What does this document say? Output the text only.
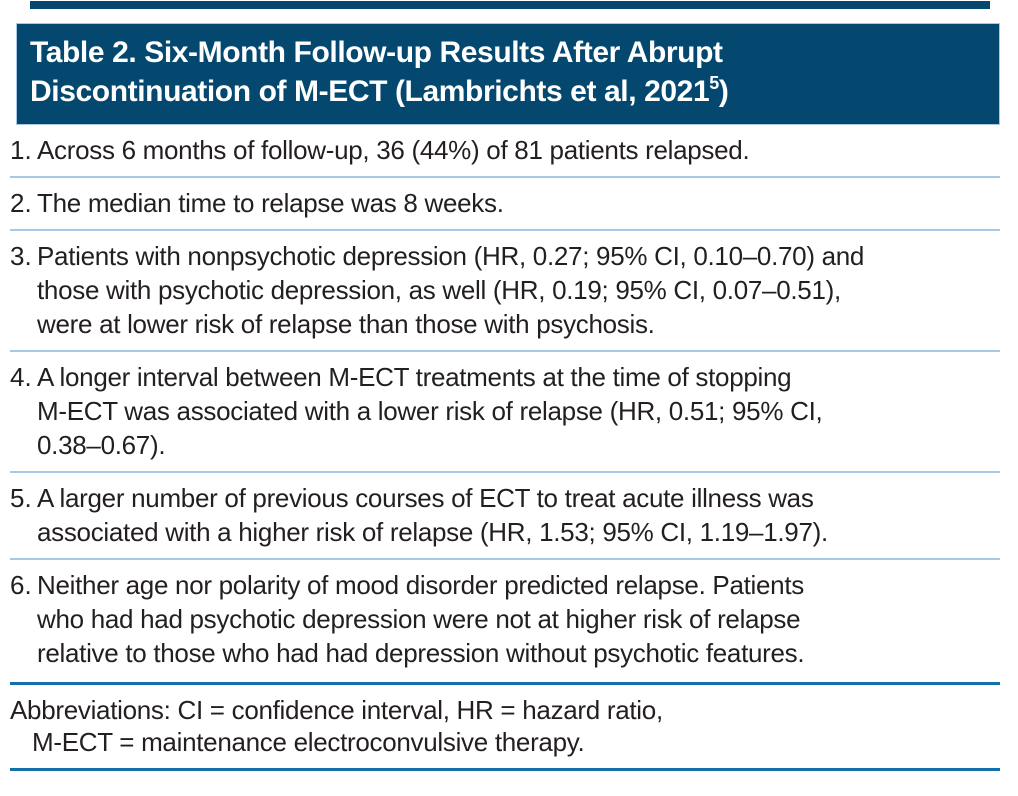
Table 2. Six-Month Follow-up Results After Abrupt
Discontinuation of M-ECT (Lambrichts et al, 2021$^5$)
1. Across 6 months of follow-up, 36 (44%) of 81 patients relapsed.
2. The median time to relapse was 8 weeks.
3. Patients with nonpsychotic depression (HR, 0.27; 95% CI, 0.10–0.70) and
those with psychotic depression, as well (HR, 0.19; 95% CI, 0.07–0.51),
were at lower risk of relapse than those with psychosis.
4. A longer interval between M-ECT treatments at the time of stopping
M-ECT was associated with a lower risk of relapse (HR, 0.51; 95% CI,
0.38–0.67).
5. A larger number of previous courses of ECT to treat acute illness was
associated with a higher risk of relapse (HR, 1.53; 95% CI, 1.19–1.97).
6. Neither age nor polarity of mood disorder predicted relapse. Patients
who had had psychotic depression were not at higher risk of relapse
relative to those who had had depression without psychotic features.
Abbreviations: CI = confidence interval, HR = hazard ratio,
M-ECT = maintenance electroconvulsive therapy.
